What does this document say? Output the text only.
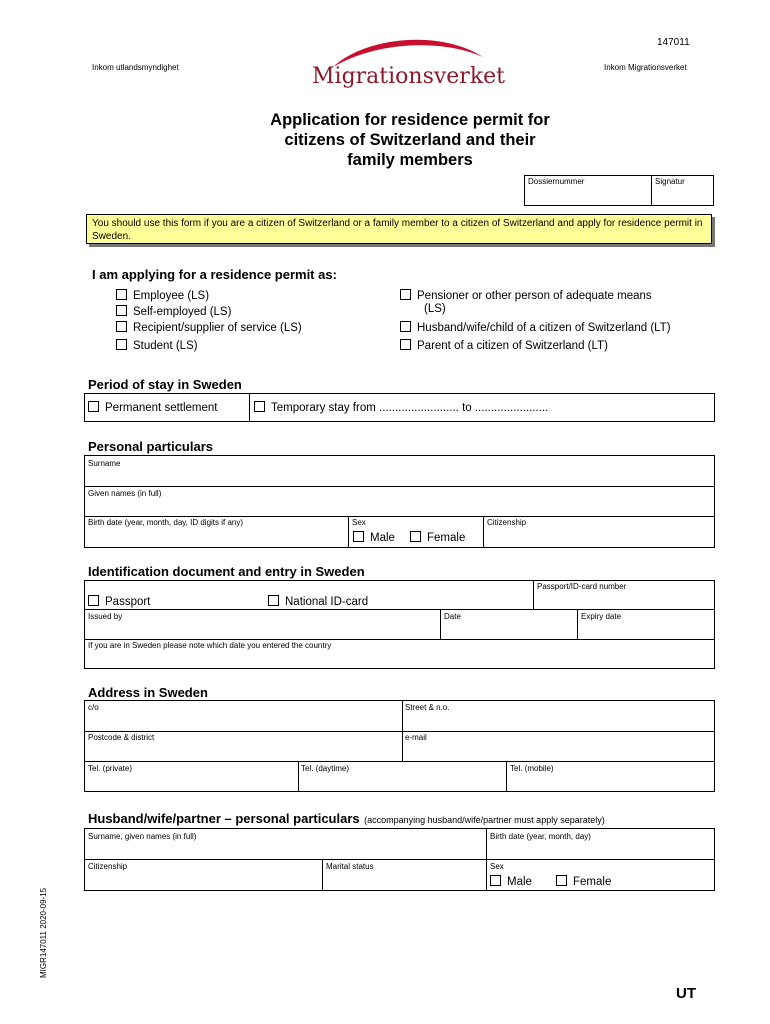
147011
Inkom utlandsmyndighet	Inkom Migrationsverket
Migrationsverket
Application for residence permit for
citizens of Switzerland and their
family members
Dossiernummer	Signatur
You should use this form if you are a citizen of Switzerland or a family member to a citizen of Switzerland and apply for residence permit in Sweden.
I am applying for a residence permit as:
Employee (LS)
Self-employed (LS)
Recipient/supplier of service (LS)
Student (LS)
Pensioner or other person of adequate means
(LS)
Husband/wife/child of a citizen of Switzerland (LT)
Parent of a citizen of Switzerland (LT)
Period of stay in Sweden
Permanent settlement	Temporary stay from ......................... to .......................
Personal particulars
Surname
Given names (in full)
Birth date (year, month, day, ID digits if any)	Sex	Citizenship
Male	Female
Identification document and entry in Sweden
Passport/ID-card number
Passport	National ID-card
Issued by	Date	Expiry date
If you are in Sweden please note which date you entered the country
Address in Sweden
c/o	Street & n.o.
Postcode & district	e-mail
Tel. (private)	Tel. (daytime)	Tel. (mobile)
Husband/wife/partner – personal particulars (accompanying husband/wife/partner must apply separately)
Surname, given names (in full)	Birth date (year, month, day)
Citizenship	Marital status	Sex
Male	Female
MIGR147011 2020-09-15
UT
